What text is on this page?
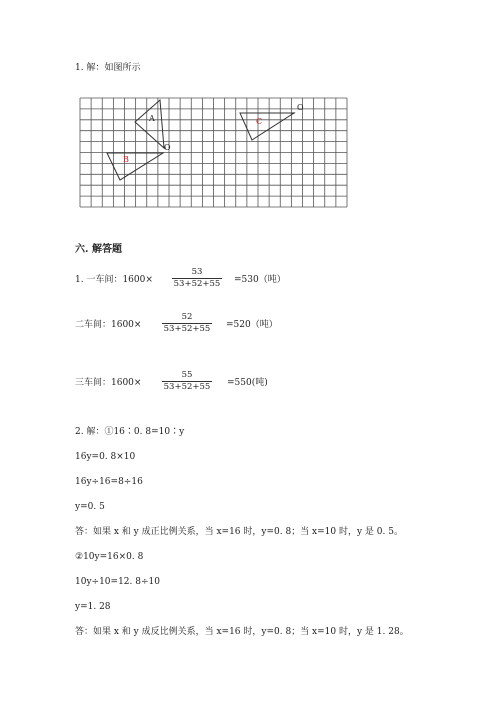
1. 解：如图所示
A
B
C
O
O
六. 解答题
1. 一车间：1600×
53
53+52+55	=530（吨）
二车间：1600×
52
53+52+55	=520（吨）
三车间：1600×
55
53+52+55	=550(吨)
2. 解：①16∶0. 8=10∶y
16y=0. 8×10
16y÷16=8÷16
y=0. 5
答：如果 x 和 y 成正比例关系，当 x=16 时，y=0. 8；当 x=10 时，y 是 0. 5。
②10y=16×0. 8
10y÷10=12. 8÷10
y=1. 28
答：如果 x 和 y 成反比例关系，当 x=16 时，y=0. 8；当 x=10 时，y 是 1. 28。
